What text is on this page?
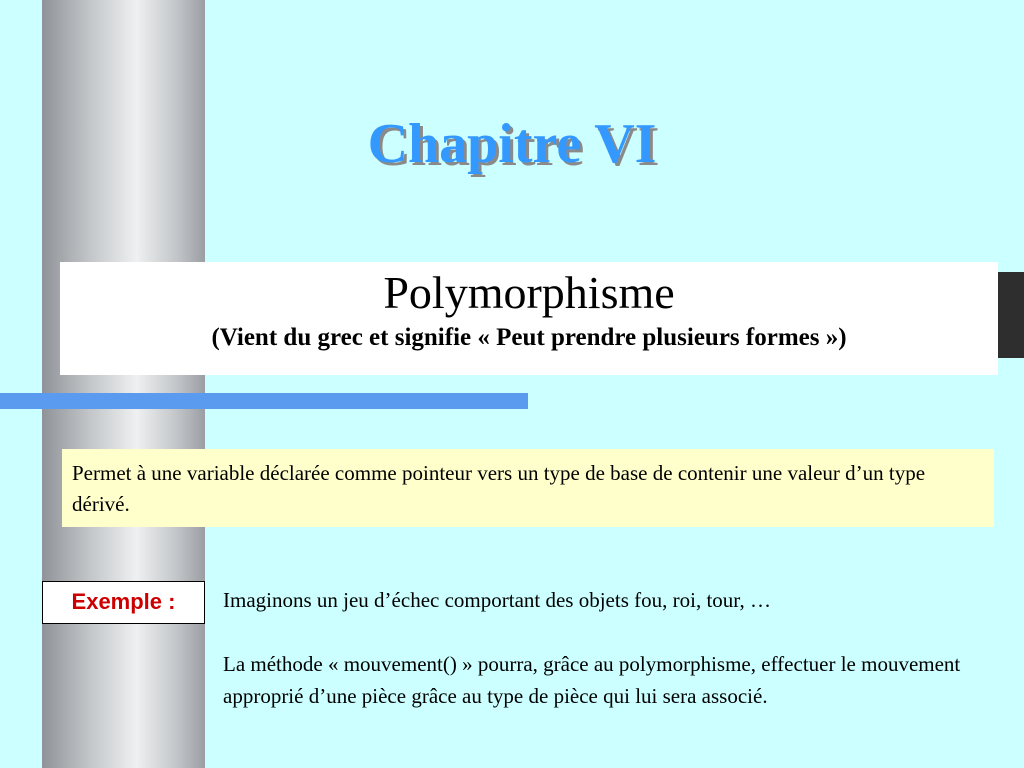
Chapitre VI
Polymorphisme
(Vient du grec et signifie « Peut prendre plusieurs formes »)
Permet à une variable déclarée comme pointeur vers un type de base de contenir une valeur d’un type dérivé.
Exemple :	Imaginons un jeu d’échec comportant des objets fou, roi, tour, …

La méthode « mouvement() » pourra, grâce au polymorphisme, effectuer le mouvement approprié d’une pièce grâce au type de pièce qui lui sera associé.
